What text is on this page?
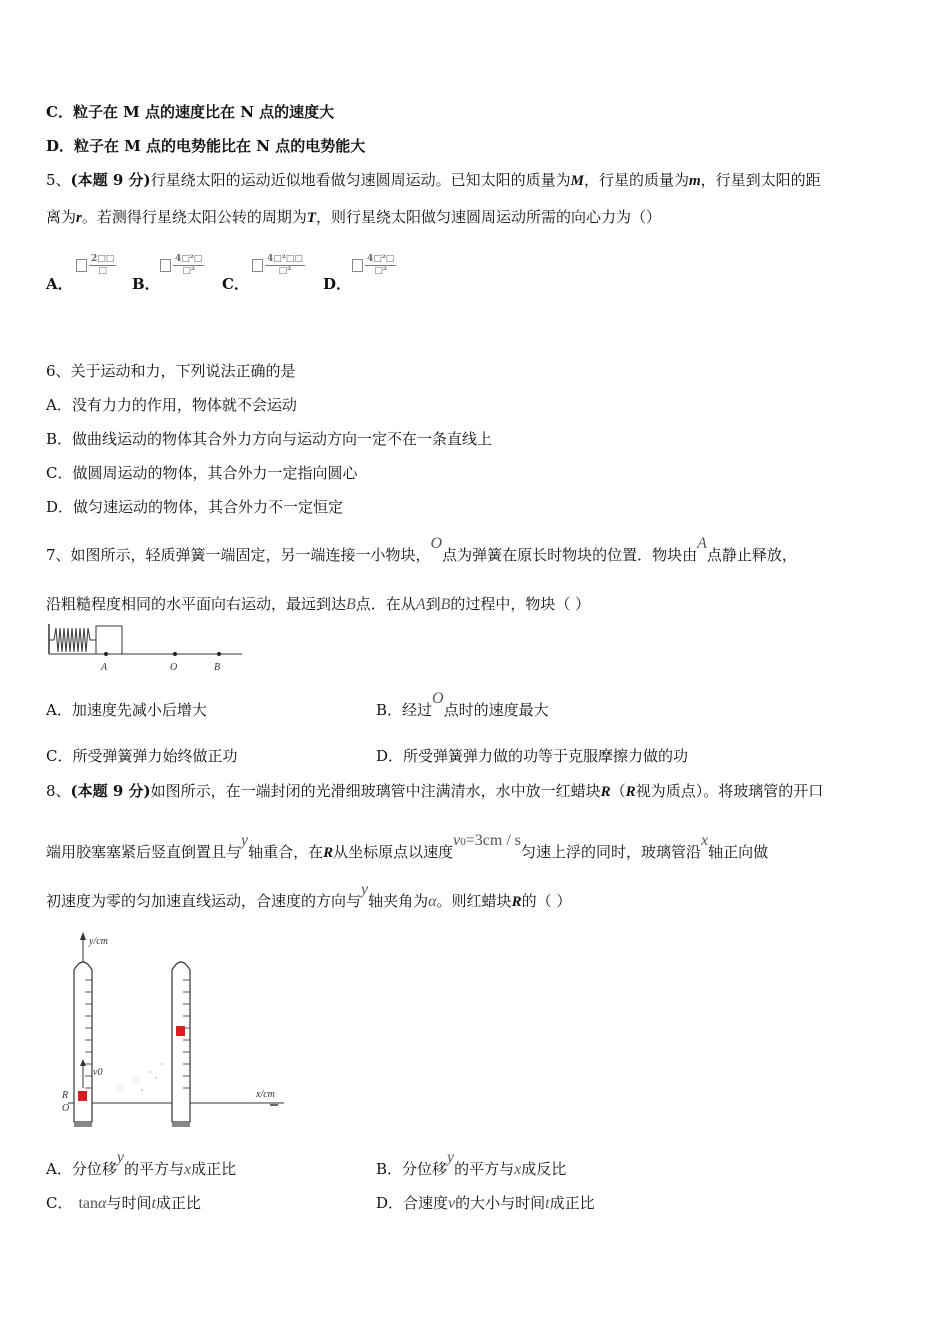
C．粒子在 M 点的速度比在 N 点的速度大
D．粒子在 M 点的电势能比在 N 点的电势能大
5、(本题 9 分)行星绕太阳的运动近似地看做匀速圆周运动。已知太阳的质量为M，行星的质量为m，行星到太阳的距
离为r。若测得行星绕太阳公转的周期为T，则行星绕太阳做匀速圆周运动所需的向心力为（）
A．
$\frac{2□□}{□}$
B．
$\frac{\text{4□²□}}{\text{□²}}$
C．
$\frac{\text{4□²□□}}{\text{□²}}$
D．
$\frac{\text{4□²□}}{\text{□²}}$
6、关于运动和力，下列说法正确的是
A．没有力力的作用，物体就不会运动
B．做曲线运动的物体其合外力方向与运动方向一定不在一条直线上
C．做圆周运动的物体，其合外力一定指向圆心
D．做匀速运动的物体，其合外力不一定恒定
7、如图所示，轻质弹簧一端固定，另一端连接一小物块，O点为弹簧在原长时物块的位置．物块由A点静止释放，
沿粗糙程度相同的水平面向右运动，最远到达B点．在从A到B的过程中，物块（ ）
A	O	B
A．加速度先减小后增大	B．经过O点时的速度最大
C．所受弹簧弹力始终做正功	D．所受弹簧弹力做的功等于克服摩擦力做的功
8、(本题 9 分)如图所示，在一端封闭的光滑细玻璃管中注满清水，水中放一红蜡块R（R视为质点）。将玻璃管的开口
端用胶塞塞紧后竖直倒置且与y轴重合，在R从坐标原点以速度v0=3cm / s匀速上浮的同时，玻璃管沿x轴正向做
初速度为零的匀加速直线运动，合速度的方向与y轴夹角为α。则红蜡块R的（ ）
y/cm
x/cm
v0
R
O
A．分位移y的平方与x成正比	B．分位移y的平方与x成反比
C． tanα与时间t成正比	D．合速度v的大小与时间t成正比
